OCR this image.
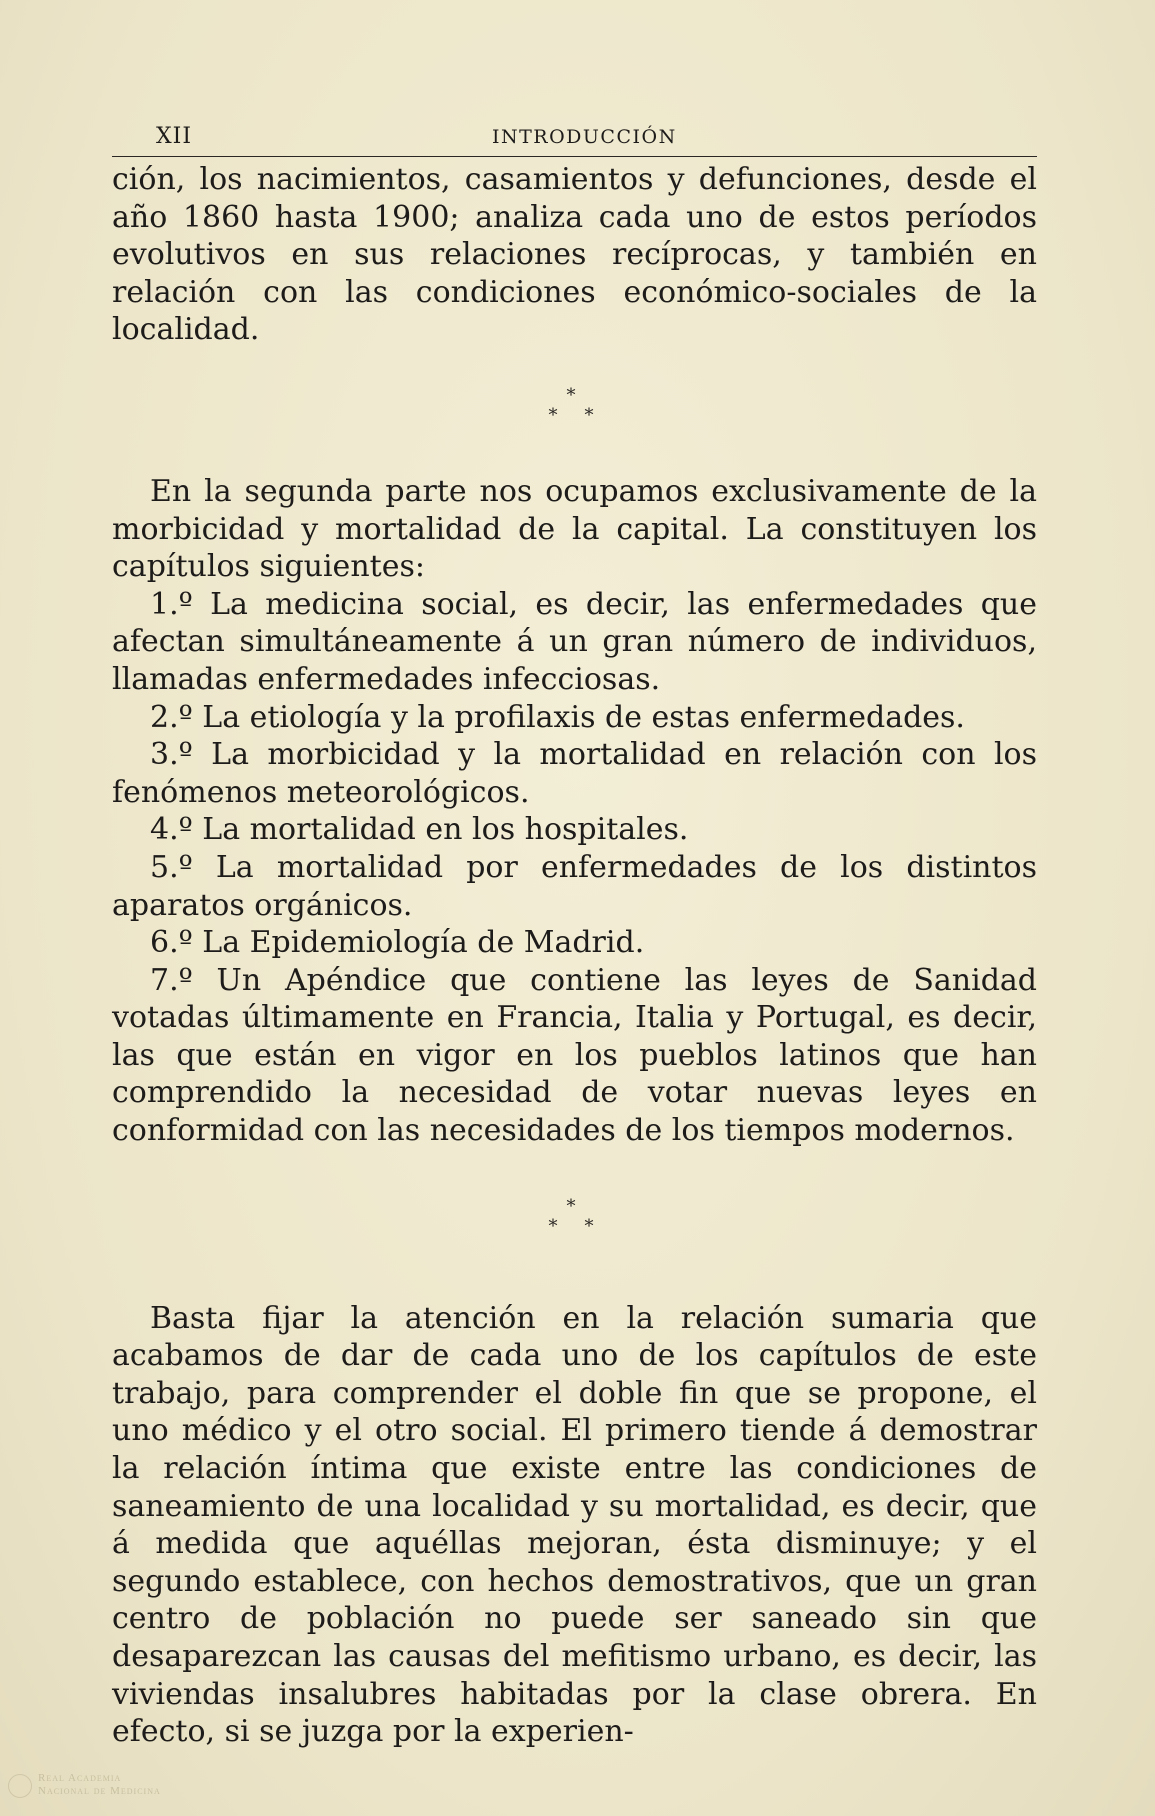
XII	INTRODUCCIÓN

ción, los nacimientos, casamientos y defunciones, desde el año 1860 hasta 1900; analiza cada uno de estos períodos evolutivos en sus relaciones recíprocas, y también en relación con las condiciones económico-sociales de la localidad.

*
* *

En la segunda parte nos ocupamos exclusivamente de la morbicidad y mortalidad de la capital. La constituyen los capítulos siguientes:

1.º La medicina social, es decir, las enfermedades que afectan simultáneamente á un gran número de individuos, llamadas enfermedades infecciosas.
2.º La etiología y la profilaxis de estas enfermedades.
3.º La morbicidad y la mortalidad en relación con los fenómenos meteorológicos.
4.º La mortalidad en los hospitales.
5.º La mortalidad por enfermedades de los distintos aparatos orgánicos.
6.º La Epidemiología de Madrid.
7.º Un Apéndice que contiene las leyes de Sanidad votadas últimamente en Francia, Italia y Portugal, es decir, las que están en vigor en los pueblos latinos que han comprendido la necesidad de votar nuevas leyes en conformidad con las necesidades de los tiempos modernos.
*
* *

Basta fijar la atención en la relación sumaria que acabamos de dar de cada uno de los capítulos de este trabajo, para comprender el doble fin que se propone, el uno médico y el otro social. El primero tiende á demostrar la relación íntima que existe entre las condiciones de saneamiento de una localidad y su mortalidad, es decir, que á medida que aquéllas mejoran, ésta disminuye; y el segundo establece, con hechos demostrativos, que un gran centro de población no puede ser saneado sin que desaparezcan las causas del mefitismo urbano, es decir, las viviendas insalubres habitadas por la clase obrera. En efecto, si se juzga por la experien-

Real Academia
Nacional de Medicina
